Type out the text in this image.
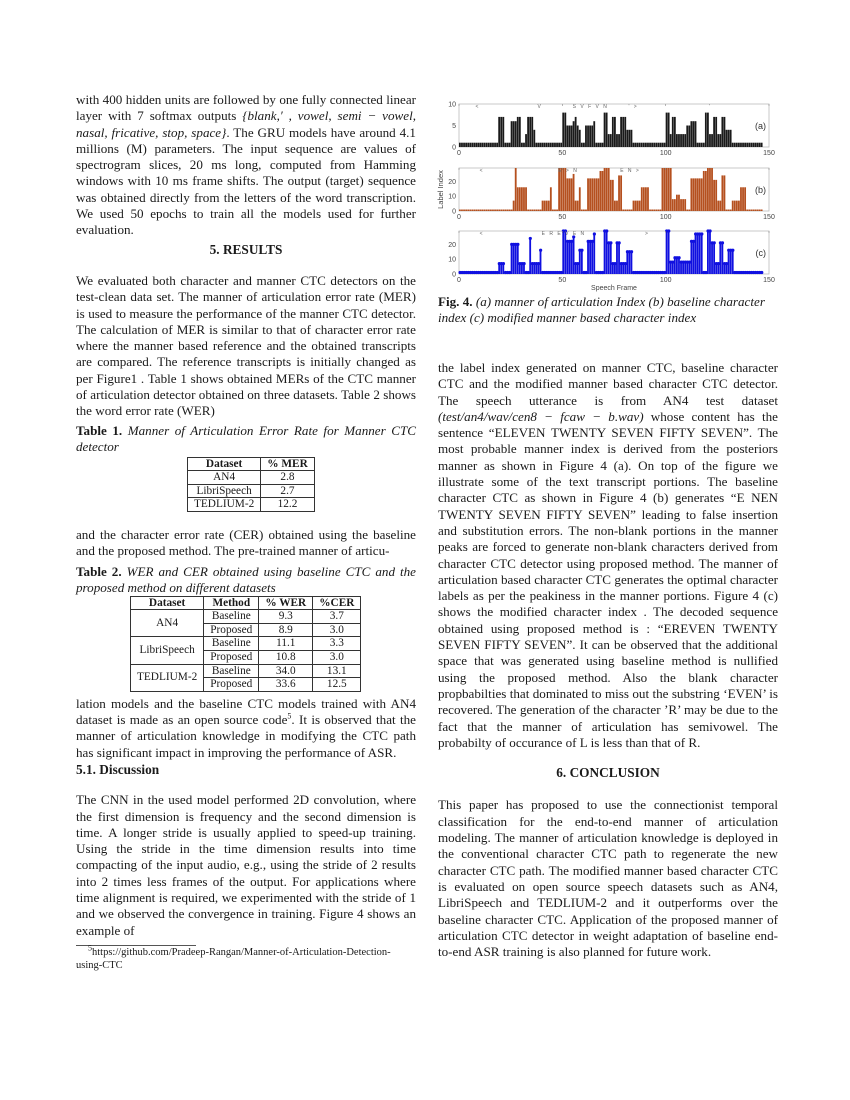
with 400 hidden units are followed by one fully connected linear layer with 7 softmax outputs {blank,′ , vowel, semi − vowel, nasal, fricative, stop, space}. The GRU models have around 4.1 millions (M) parameters. The input sequence are values of spectrogram slices, 20 ms long, computed from Hamming windows with 10 ms frame shifts. The output (target) sequence was obtained directly from the letters of the word transcription. We used 50 epochs to train all the models used for further evaluation.

5. RESULTS

We evaluated both character and manner CTC detectors on the test-clean data set. The manner of articulation error rate (MER) is used to measure the performance of the manner CTC detector. The calculation of MER is similar to that of character error rate where the manner based reference and the obtained transcripts are compared. The reference transcripts is initially changed as per Figure1 . Table 1 shows obtained MERs of the CTC manner of articulation detector obtained on three datasets. Table 2 shows the word error rate (WER)

Table 1. Manner of Articulation Error Rate for Manner CTC detector
Dataset	% MER
AN4	2.8
LibriSpeech	2.7
TEDLIUM-2	12.2

and the character error rate (CER) obtained using the baseline and the proposed method. The pre-trained manner of articu-

Table 2. WER and CER obtained using baseline CTC and the proposed method on different datasets
Dataset	Method	% WER	%CER
AN4	Baseline	9.3	3.7
	Proposed	8.9	3.0
LibriSpeech	Baseline	11.1	3.3
	Proposed	10.8	3.0
TEDLIUM-2	Baseline	34.0	13.1
	Proposed	33.6	12.5

lation models and the baseline CTC models trained with AN4 dataset is made as an open source code$^5$. It is observed that the manner of articulation knowledge in modifying the CTC path has significant impact in improving the performance of ASR.

5.1. Discussion

The CNN in the used model performed 2D convolution, where the first dimension is frequency and the second dimension is time. A longer stride is usually applied to speed-up training. Using the stride in the time dimension results into time compacting of the input audio, e.g., using the stride of 2 results into 2 times less frames of the output. For applications where time alignment is required, we experimented with the stride of 1 and we observed the convergence in training. Figure 4 shows an example of

$^5$https://github.com/Pradeep-Rangan/Manner-of-Articulation-Detection-using-CTC

0	50	100	150
0
5
10
(a)
<	V	S V F V N	' >	'
0	50	100	150
0
10
20
(b)
<	E > N	E N >
Label Index
0	50	100	150
0
10
20
(c)
<	E R E V E N	>
Speech Frame
Fig. 4. (a) manner of articulation Index (b) baseline character index (c) modified manner based character index

the label index generated on manner CTC, baseline character CTC and the modified manner based character CTC detector. The speech utterance is from AN4 test dataset (test/an4/wav/cen8 − fcaw − b.wav) whose content has the sentence “ELEVEN TWENTY SEVEN FIFTY SEVEN”. The most probable manner index is derived from the posteriors manner as shown in Figure 4 (a). On top of the figure we illustrate some of the text transcript portions. The baseline character CTC as shown in Figure 4 (b) generates “E NEN TWENTY SEVEN FIFTY SEVEN” leading to false insertion and substitution errors. The non-blank portions in the manner peaks are forced to generate non-blank characters derived from character CTC detector using proposed method. The manner of articulation based character CTC generates the optimal character labels as per the peakiness in the manner portions. Figure 4 (c) shows the modified character index . The decoded sequence obtained using proposed method is : “EREVEN TWENTY SEVEN FIFTY SEVEN”. It can be observed that the additional space that was generated using baseline method is nullified using the proposed method. Also the blank character propbabilties that dominated to miss out the substring ‘EVEN’ is recovered. The generation of the character ’R’ may be due to the fact that the manner of articulation has semivowel. The probabilty of occurance of L is less than that of R.

6. CONCLUSION

This paper has proposed to use the connectionist temporal classification for the end-to-end manner of articulation modeling. The manner of articulation knowledge is deployed in the conventional character CTC path to regenerate the new character CTC path. The modified manner based character CTC is evaluated on open source speech datasets such as AN4, LibriSpeech and TEDLIUM-2 and it outperforms over the baseline character CTC. Application of the proposed manner of articulation CTC detector in weight adaptation of baseline end-to-end ASR training is also planned for future work.
